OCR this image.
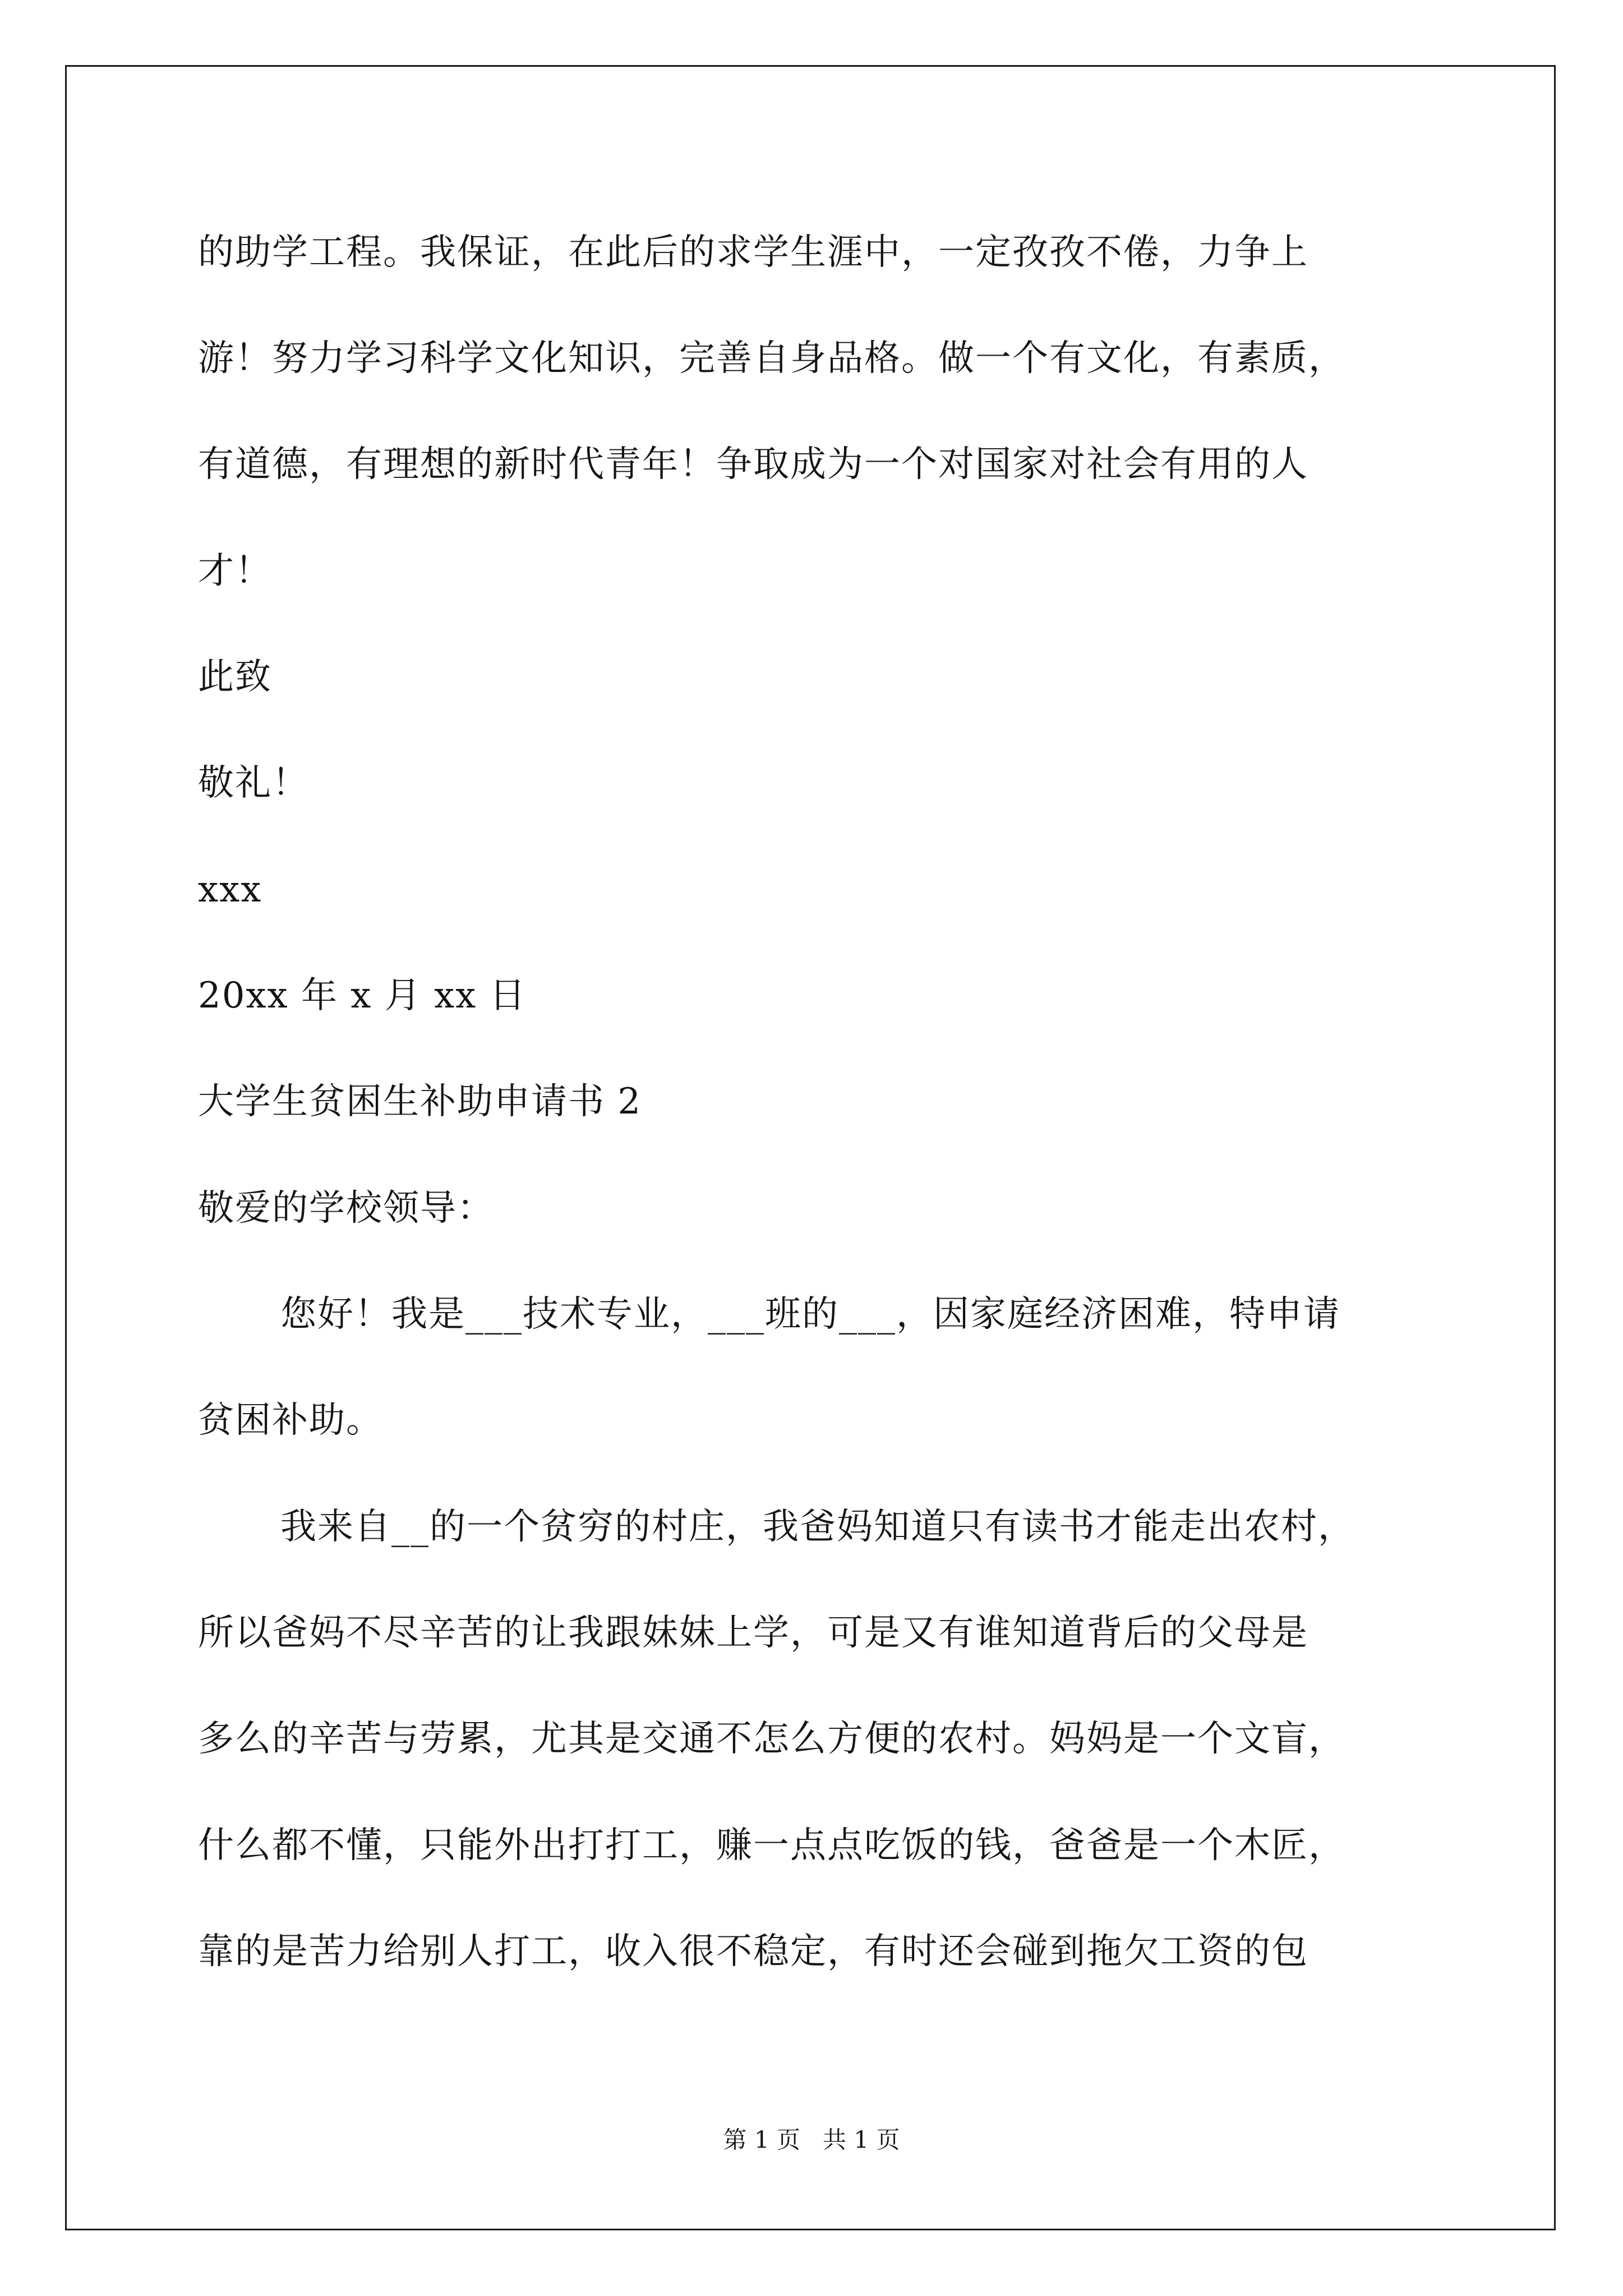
的助学工程。我保证，在此后的求学生涯中，一定孜孜不倦，力争上
游！努力学习科学文化知识，完善自身品格。做一个有文化，有素质，
有道德，有理想的新时代青年！争取成为一个对国家对社会有用的人
才！
此致
敬礼！
xxx
20xx 年 x 月 xx 日
大学生贫困生补助申请书 2
敬爱的学校领导：
您好！我是___技术专业，___班的___，因家庭经济困难，特申请
贫困补助。
我来自__的一个贫穷的村庄，我爸妈知道只有读书才能走出农村，
所以爸妈不尽辛苦的让我跟妹妹上学，可是又有谁知道背后的父母是
多么的辛苦与劳累，尤其是交通不怎么方便的农村。妈妈是一个文盲，
什么都不懂，只能外出打打工，赚一点点吃饭的钱，爸爸是一个木匠，
靠的是苦力给别人打工，收入很不稳定，有时还会碰到拖欠工资的包
第 1 页   共 1 页
